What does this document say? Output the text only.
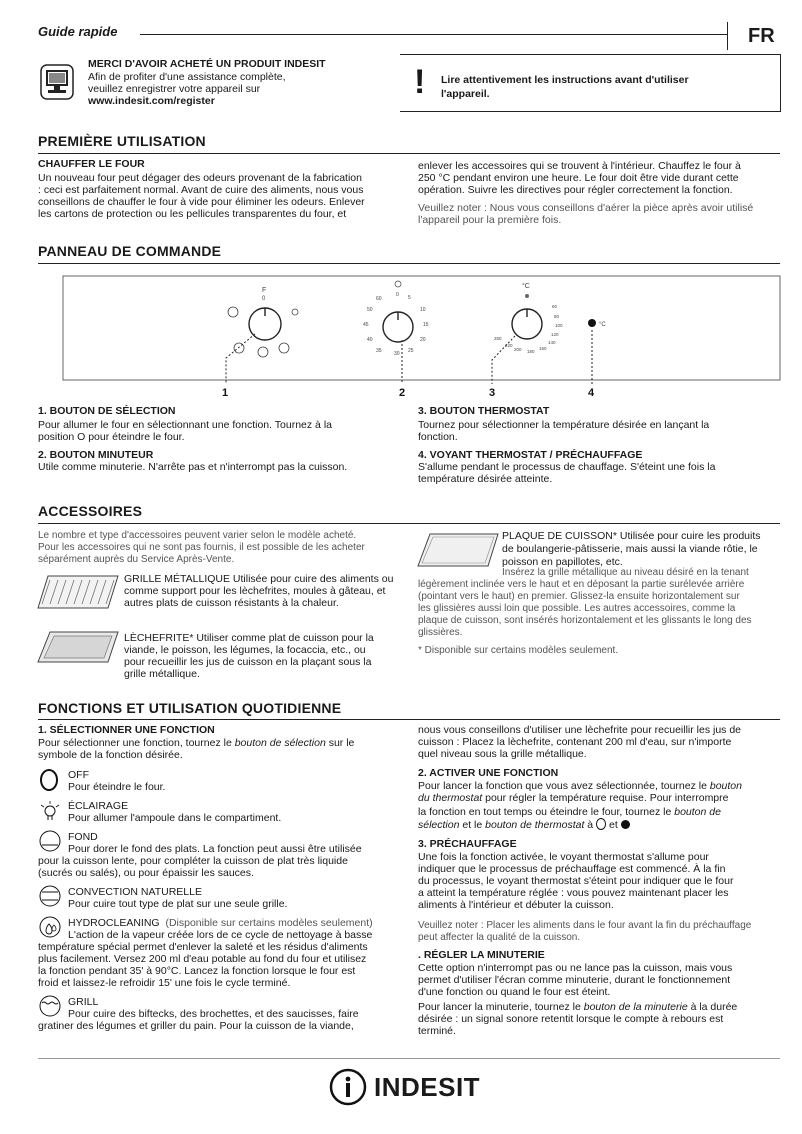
Guide rapide	FR
MERCI D'AVOIR ACHETÉ UN PRODUIT INDESIT
Afin de profiter d'une assistance complète,
veuillez enregistrer votre appareil sur
www.indesit.com/register	! Lire attentivement les instructions avant d'utiliser
l'appareil.
PREMIÈRE UTILISATION
CHAUFFER LE FOUR
Un nouveau four peut dégager des odeurs provenant de la fabrication
: ceci est parfaitement normal. Avant de cuire des aliments, nous vous
conseillons de chauffer le four à vide pour éliminer les odeurs. Enlever
les cartons de protection ou les pellicules transparentes du four, et
enlever les accessoires qui se trouvent à l'intérieur. Chauffez le four à
250 °C pendant environ une heure. Le four doit être vide durant cette
opération. Suivre les directives pour régler correctement la fonction.
Veuillez noter : Nous vous conseillons d'aérer la pièce après avoir utilisé
l'appareil pour la première fois.
PANNEAU DE COMMANDE
F
0
0 5
10
15
20
25
30
35
40
45
50
60
°C
60
80
100
120
140
160
180
200
220
250
°C
1	2	3	4
1. BOUTON DE SÉLECTION
Pour allumer le four en sélectionnant une fonction. Tournez à la
position O pour éteindre le four.
2. BOUTON MINUTEUR
Utile comme minuterie. N'arrête pas et n'interrompt pas la cuisson.
3. BOUTON THERMOSTAT
Tournez pour sélectionner la température désirée en lançant la
fonction.
4. VOYANT THERMOSTAT / PRÉCHAUFFAGE
S'allume pendant le processus de chauffage. S'éteint une fois la
température désirée atteinte.
ACCESSOIRES
Le nombre et type d'accessoires peuvent varier selon le modèle acheté.
Pour les accessoires qui ne sont pas fournis, il est possible de les acheter
séparément auprès du Service Après-Vente.
GRILLE MÉTALLIQUE Utilisée pour cuire des aliments ou
comme support pour les lèchefrites, moules à gâteau, et
autres plats de cuisson résistants à la chaleur.
LÈCHEFRITE* Utiliser comme plat de cuisson pour la
viande, le poisson, les légumes, la focaccia, etc., ou
pour recueillir les jus de cuisson en la plaçant sous la
grille métallique.
PLAQUE DE CUISSON* Utilisée pour cuire les produits
de boulangerie-pâtisserie, mais aussi la viande rôtie, le
poisson en papillotes, etc.
Insérez la grille métallique au niveau désiré en la tenant
légèrement inclinée vers le haut et en déposant la partie surélevée arrière
(pointant vers le haut) en premier. Glissez-la ensuite horizontalement sur
les glissières aussi loin que possible. Les autres accessoires, comme la
plaque de cuisson, sont insérés horizontalement et les glissants le long des
glissières.
* Disponible sur certains modèles seulement.
FONCTIONS ET UTILISATION QUOTIDIENNE
1. SÉLECTIONNER UNE FONCTION
Pour sélectionner une fonction, tournez le bouton de sélection sur le
symbole de la fonction désirée.
OFF
Pour éteindre le four.
ÉCLAIRAGE
Pour allumer l'ampoule dans le compartiment.
FOND
Pour dorer le fond des plats. La fonction peut aussi être utilisée
pour la cuisson lente, pour compléter la cuisson de plat très liquide
(sucrés ou salés), ou pour épaissir les sauces.
CONVECTION NATURELLE
Pour cuire tout type de plat sur une seule grille.
HYDROCLEANING (Disponible sur certains modèles seulement)
L'action de la vapeur créée lors de ce cycle de nettoyage à basse
température spécial permet d'enlever la saleté et les résidus d'aliments
plus facilement. Versez 200 ml d'eau potable au fond du four et utilisez
la fonction pendant 35' à 90°C. Lancez la fonction lorsque le four est
froid et laissez-le refroidir 15' une fois le cycle terminé.
GRILL
Pour cuire des biftecks, des brochettes, et des saucisses, faire
gratiner des légumes et griller du pain. Pour la cuisson de la viande,
nous vous conseillons d'utiliser une lèchefrite pour recueillir les jus de
cuisson : Placez la lèchefrite, contenant 200 ml d'eau, sur n'importe
quel niveau sous la grille métallique.
2. ACTIVER UNE FONCTION
Pour lancer la fonction que vous avez sélectionnée, tournez le bouton
du thermostat pour régler la température requise. Pour interrompre
la fonction en tout temps ou éteindre le four, tournez le bouton de
sélection et le bouton de thermostat à  et
3. PRÉCHAUFFAGE
Une fois la fonction activée, le voyant thermostat s'allume pour
indiquer que le processus de préchauffage est commencé. À la fin
du processus, le voyant thermostat s'éteint pour indiquer que le four
a atteint la température réglée : vous pouvez maintenant placer les
aliments à l'intérieur et débuter la cuisson.
Veuillez noter : Placer les aliments dans le four avant la fin du préchauffage
peut affecter la qualité de la cuisson.
. RÉGLER LA MINUTERIE
Cette option n'interrompt pas ou ne lance pas la cuisson, mais vous
permet d'utiliser l'écran comme minuterie, durant le fonctionnement
d'une fonction ou quand le four est éteint.
Pour lancer la minuterie, tournez le bouton de la minuterie à la durée
désirée : un signal sonore retentit lorsque le compte à rebours est
terminé.
INDESIT
